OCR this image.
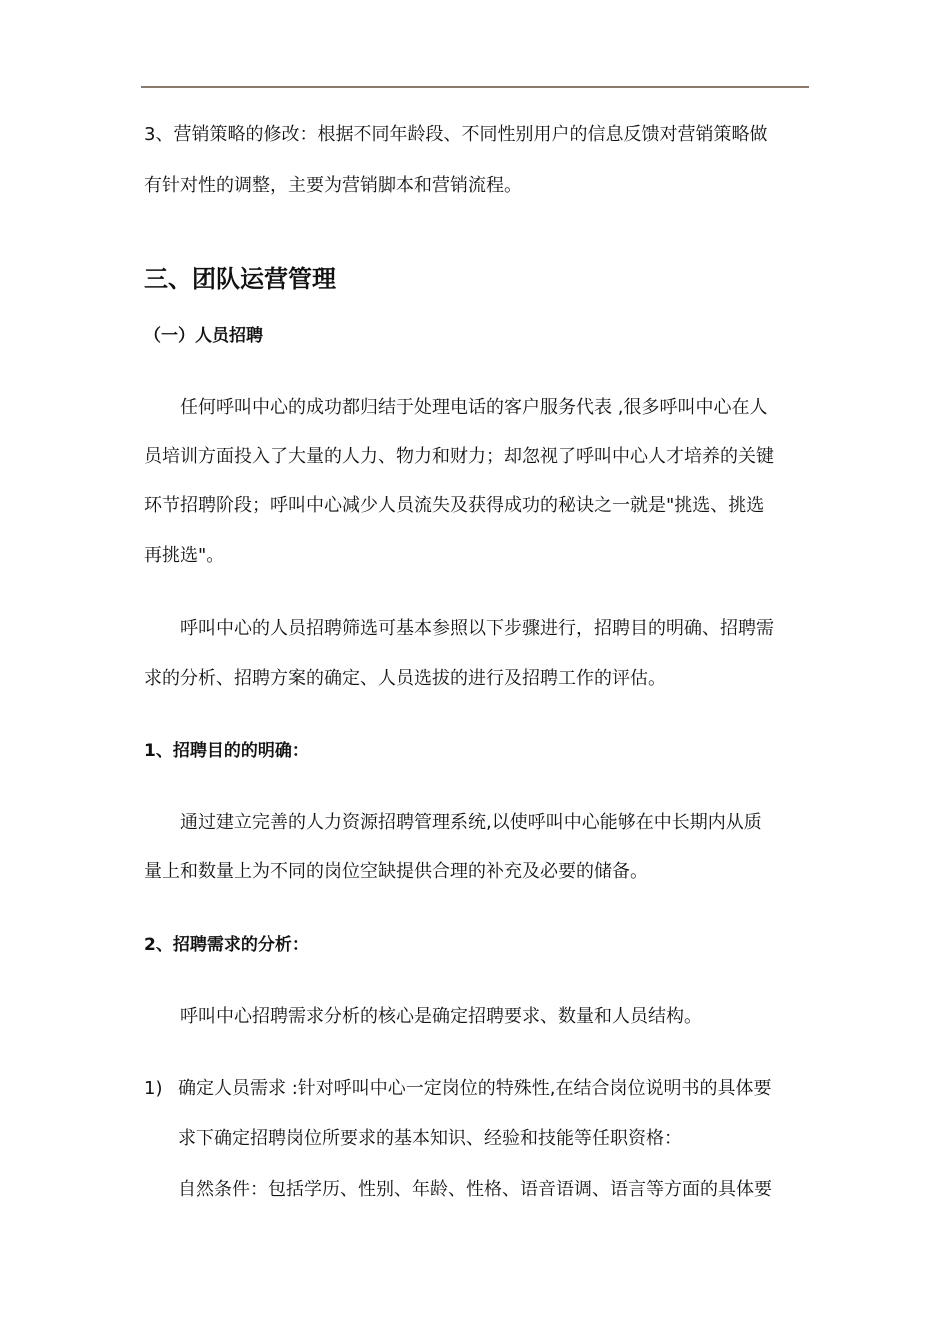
3、营销策略的修改：根据不同年龄段、不同性别用户的信息反馈对营销策略做
有针对性的调整，主要为营销脚本和营销流程。
三、团队运营管理
（一）人员招聘
任何呼叫中心的成功都归结于处理电话的客户服务代表 ,很多呼叫中心在人
员培训方面投入了大量的人力、物力和财力；却忽视了呼叫中心人才培养的关键
环节招聘阶段；呼叫中心减少人员流失及获得成功的秘诀之一就是"挑选、挑选
再挑选"。
呼叫中心的人员招聘筛选可基本参照以下步骤进行，招聘目的明确、招聘需
求的分析、招聘方案的确定、人员选拔的进行及招聘工作的评估。
1、招聘目的的明确：
通过建立完善的人力资源招聘管理系统,以使呼叫中心能够在中长期内从质
量上和数量上为不同的岗位空缺提供合理的补充及必要的储备。
2、招聘需求的分析：
呼叫中心招聘需求分析的核心是确定招聘要求、数量和人员结构。
1) 确定人员需求 :针对呼叫中心一定岗位的特殊性,在结合岗位说明书的具体要
求下确定招聘岗位所要求的基本知识、经验和技能等任职资格：
自然条件：包括学历、性别、年龄、性格、语音语调、语言等方面的具体要
